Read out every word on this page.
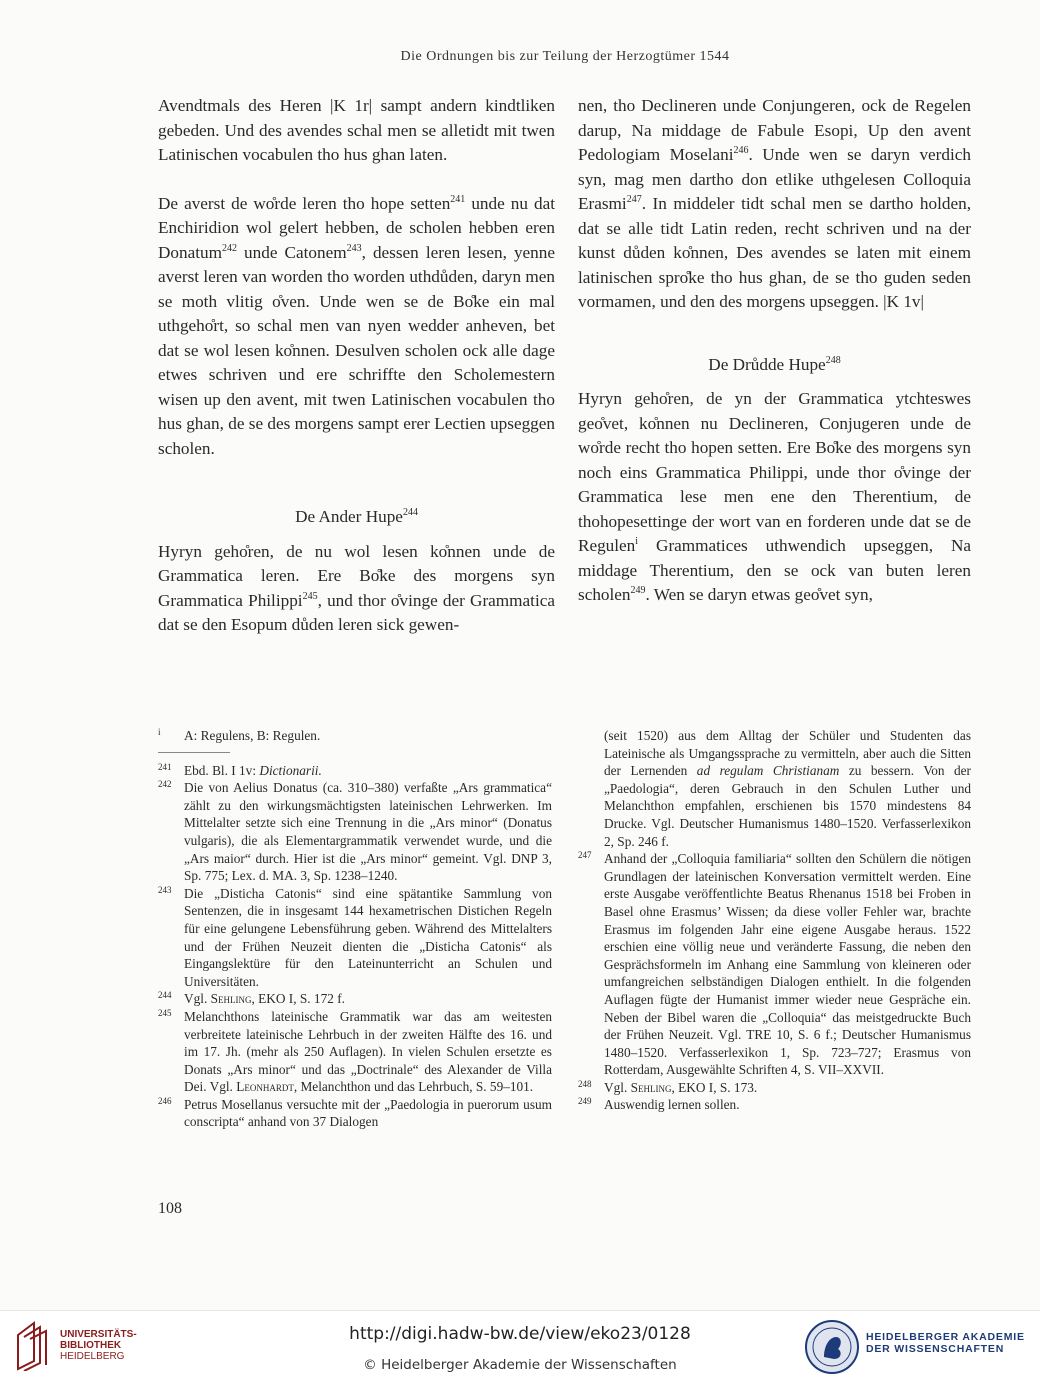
Die Ordnungen bis zur Teilung der Herzogtümer 1544

Avendtmals des Heren |K 1r| sampt andern kindtliken gebeden. Und des avendes schal men se alletidt mit twen Latinischen vocabulen tho hus ghan laten.

De averst de wo̊rde leren tho hope setten$^{241}$ unde nu dat Enchiridion wol gelert hebben, de scholen hebben eren Donatum$^{242}$ unde Catonem$^{243}$, dessen leren lesen, yenne averst leren van worden tho worden uthdůden, daryn men se moth vlitig o̊ven. Unde wen se de Bo̊ke ein mal uthgeho̊rt, so schal men van nyen wedder anheven, bet dat se wol lesen ko̊nnen. Desulven scholen ock alle dage etwes schriven und ere schriffte den Scholemestern wisen up den avent, mit twen Latinischen vocabulen tho hus ghan, de se des morgens sampt erer Lectien upseggen scholen.

De Ander Hupe$^{244}$

Hyryn geho̊ren, de nu wol lesen ko̊nnen unde de Grammatica leren. Ere Bo̊ke des morgens syn Grammatica Philippi$^{245}$, und thor o̊vinge der Grammatica dat se den Esopum důden leren sick gewen-

nen, tho Declineren unde Conjungeren, ock de Regelen darup, Na middage de Fabule Esopi, Up den avent Pedologiam Moselani$^{246}$. Unde wen se daryn verdich syn, mag men dartho don etlike uthgelesen Colloquia Erasmi$^{247}$. In middeler tidt schal men se dartho holden, dat se alle tidt Latin reden, recht schriven und na der kunst důden ko̊nnen, Des avendes se laten mit einem latinischen spro̊ke tho hus ghan, de se tho guden seden vormamen, und den des morgens upseggen. |K 1v|

De Drůdde Hupe$^{248}$

Hyryn geho̊ren, de yn der Grammatica ytchteswes geo̊vet, ko̊nnen nu Declineren, Conjugeren unde de wo̊rde recht tho hopen setten. Ere Bo̊ke des morgens syn noch eins Grammatica Philippi, unde thor o̊vinge der Grammatica lese men ene den Therentium, de thohopesettinge der wort van en forderen unde dat se de Regulen$^i$ Grammatices uthwendich upseggen, Na middage Therentium, den se ock van buten leren scholen$^{249}$. Wen se daryn etwas geo̊vet syn,

i A: Regulens, B: Regulen.

241 Ebd. Bl. I 1v: Dictionarii.

242 Die von Aelius Donatus (ca. 310–380) verfaßte „Ars grammatica“ zählt zu den wirkungsmächtigsten lateinischen Lehrwerken. Im Mittelalter setzte sich eine Trennung in die „Ars minor“ (Donatus vulgaris), die als Elementargrammatik verwendet wurde, und die „Ars maior“ durch. Hier ist die „Ars minor“ gemeint. Vgl. DNP 3, Sp. 775; Lex. d. MA. 3, Sp. 1238–1240.

243 Die „Disticha Catonis“ sind eine spätantike Sammlung von Sentenzen, die in insgesamt 144 hexametrischen Distichen Regeln für eine gelungene Lebensführung geben. Während des Mittelalters und der Frühen Neuzeit dienten die „Disticha Catonis“ als Eingangslektüre für den Lateinunterricht an Schulen und Universitäten.

244 Vgl. Sehling, EKO I, S. 172 f.

245 Melanchthons lateinische Grammatik war das am weitesten verbreitete lateinische Lehrbuch in der zweiten Hälfte des 16. und im 17. Jh. (mehr als 250 Auflagen). In vielen Schulen ersetzte es Donats „Ars minor“ und das „Doctrinale“ des Alexander de Villa Dei. Vgl. Leonhardt, Melanchthon und das Lehrbuch, S. 59–101.

246 Petrus Mosellanus versuchte mit der „Paedologia in puerorum usum conscripta“ anhand von 37 Dialogen

(seit 1520) aus dem Alltag der Schüler und Studenten das Lateinische als Umgangssprache zu vermitteln, aber auch die Sitten der Lernenden ad regulam Christianam zu bessern. Von der „Paedologia“, deren Gebrauch in den Schulen Luther und Melanchthon empfahlen, erschienen bis 1570 mindestens 84 Drucke. Vgl. Deutscher Humanismus 1480–1520. Verfasserlexikon 2, Sp. 246 f.

247 Anhand der „Colloquia familiaria“ sollten den Schülern die nötigen Grundlagen der lateinischen Konversation vermittelt werden. Eine erste Ausgabe veröffentlichte Beatus Rhenanus 1518 bei Froben in Basel ohne Erasmus’ Wissen; da diese voller Fehler war, brachte Erasmus im folgenden Jahr eine eigene Ausgabe heraus. 1522 erschien eine völlig neue und veränderte Fassung, die neben den Gesprächsformeln im Anhang eine Sammlung von kleineren oder umfangreichen selbständigen Dialogen enthielt. In die folgenden Auflagen fügte der Humanist immer wieder neue Gespräche ein. Neben der Bibel waren die „Colloquia“ das meistgedruckte Buch der Frühen Neuzeit. Vgl. TRE 10, S. 6 f.; Deutscher Humanismus 1480–1520. Verfasserlexikon 1, Sp. 723–727; Erasmus von Rotterdam, Ausgewählte Schriften 4, S. VII–XXVII.

248 Vgl. Sehling, EKO I, S. 173.

249 Auswendig lernen sollen.

108
UNIVERSITÄTS-
BIBLIOTHEK
HEIDELBERG
http://digi.hadw-bw.de/view/eko23/0128
© Heidelberger Akademie der Wissenschaften
HEIDELBERGER AKADEMIE
DER WISSENSCHAFTEN
